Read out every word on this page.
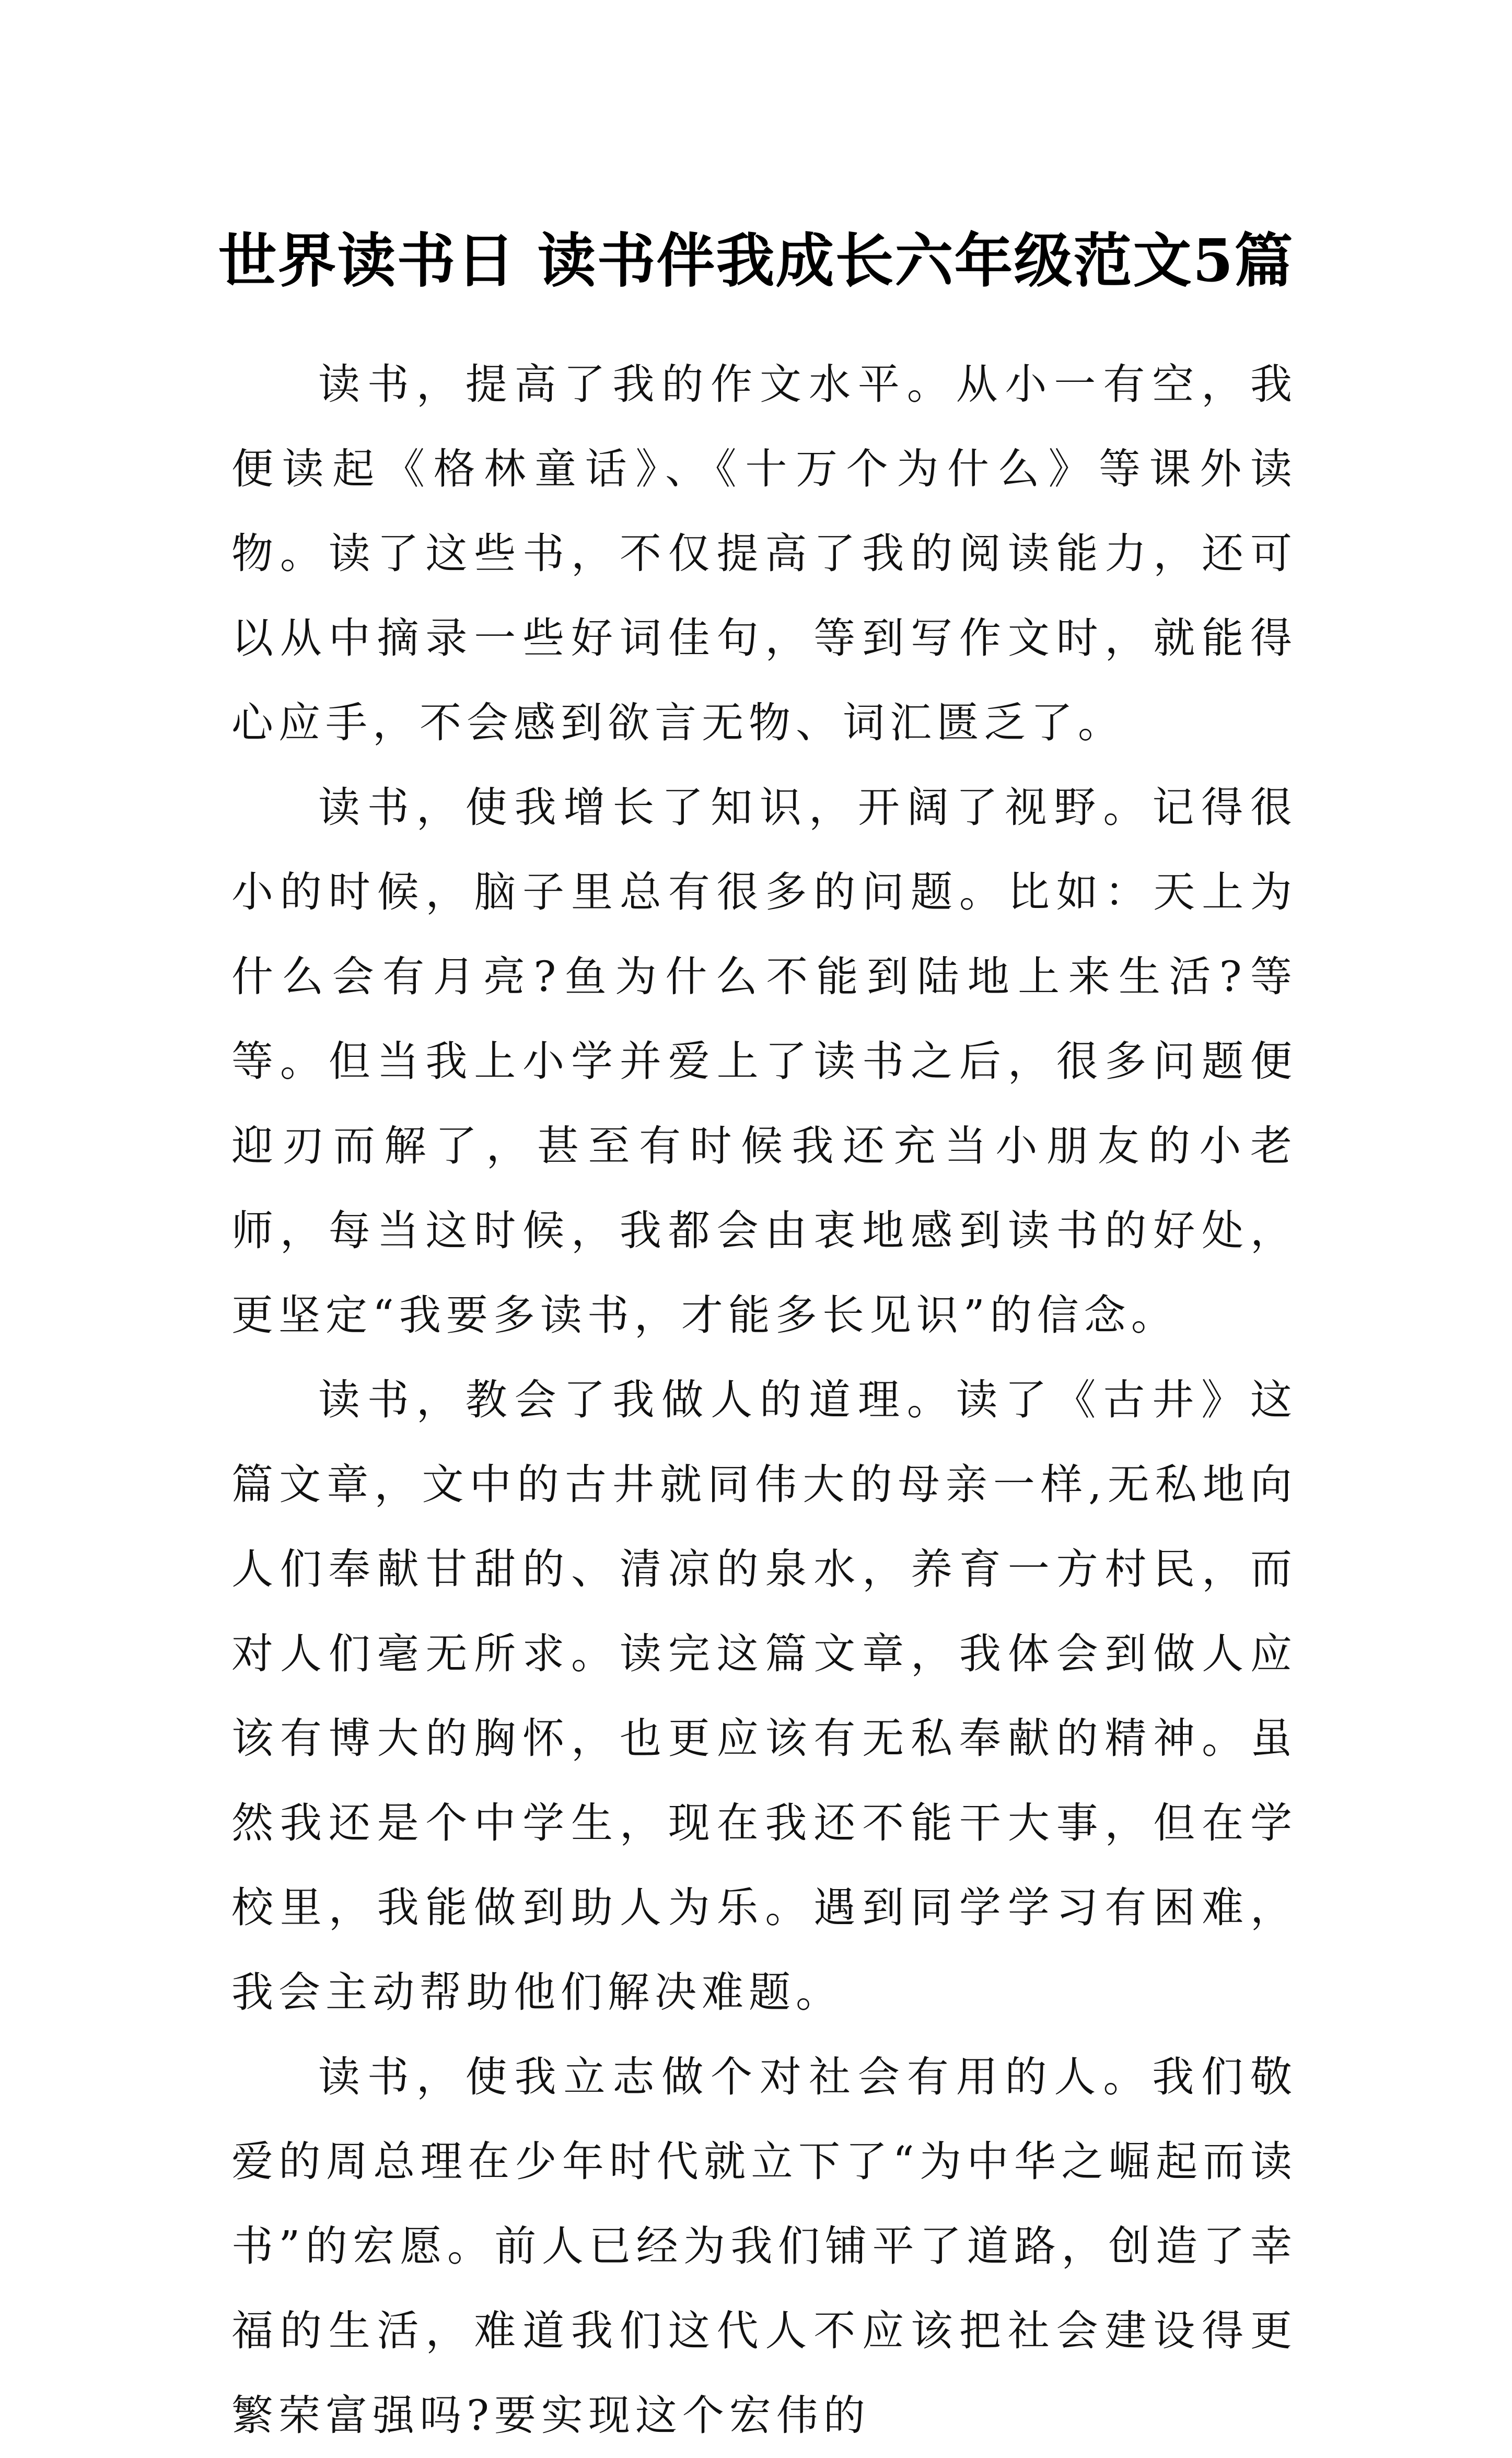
世界读书日 读书伴我成长六年级范文5篇

读书，提高了我的作文水平。从小一有空，我便读起《格林童话》、《十万个为什么》等课外读物。读了这些书，不仅提高了我的阅读能力，还可以从中摘录一些好词佳句，等到写作文时，就能得心应手，不会感到欲言无物、词汇匮乏了。

读书，使我增长了知识，开阔了视野。记得很小的时候，脑子里总有很多的问题。比如：天上为什么会有月亮?鱼为什么不能到陆地上来生活?等等。但当我上小学并爱上了读书之后，很多问题便迎刃而解了，甚至有时候我还充当小朋友的小老师，每当这时候，我都会由衷地感到读书的好处，更坚定“我要多读书，才能多长见识”的信念。

读书，教会了我做人的道理。读了《古井》这篇文章，文中的古井就同伟大的母亲一样,无私地向人们奉献甘甜的、清凉的泉水，养育一方村民，而对人们毫无所求。读完这篇文章，我体会到做人应该有博大的胸怀，也更应该有无私奉献的精神。虽然我还是个中学生，现在我还不能干大事，但在学校里，我能做到助人为乐。遇到同学学习有困难，我会主动帮助他们解决难题。

读书，使我立志做个对社会有用的人。我们敬爱的周总理在少年时代就立下了“为中华之崛起而读书”的宏愿。前人已经为我们铺平了道路，创造了幸福的生活，难道我们这代人不应该把社会建设得更繁荣富强吗?要实现这个宏伟的
